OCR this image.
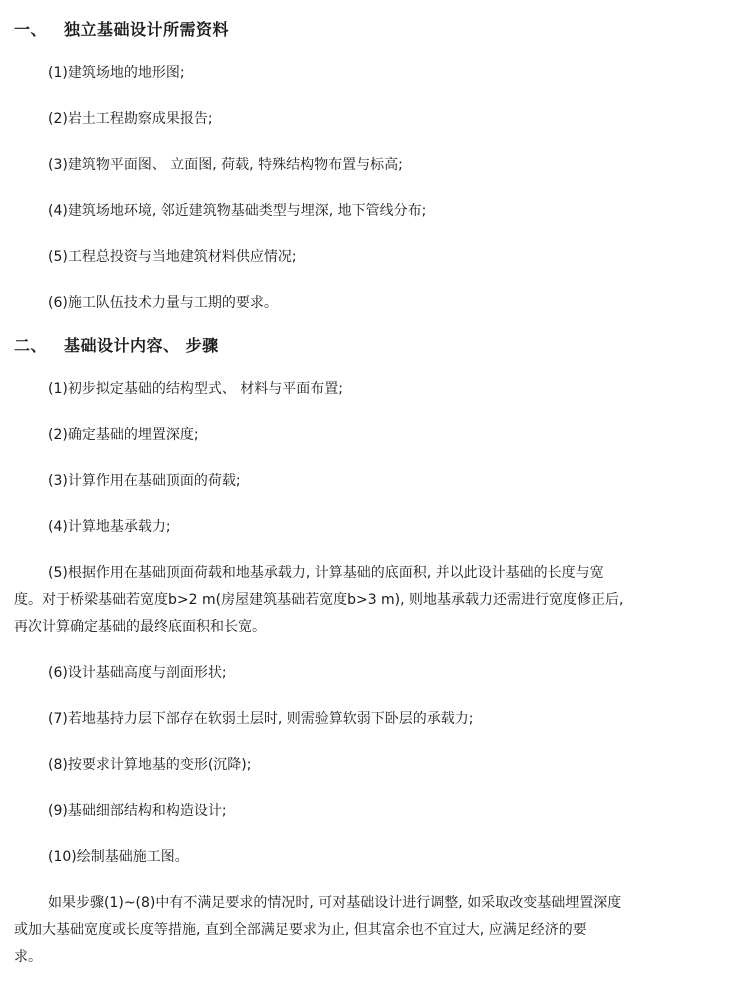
一、 独立基础设计所需资料
(1)建筑场地的地形图;
(2)岩土工程勘察成果报告;
(3)建筑物平面图、 立面图, 荷载, 特殊结构物布置与标高;
(4)建筑场地环境, 邻近建筑物基础类型与埋深, 地下管线分布;
(5)工程总投资与当地建筑材料供应情况;
(6)施工队伍技术力量与工期的要求。
二、 基础设计内容、 步骤
(1)初步拟定基础的结构型式、 材料与平面布置;
(2)确定基础的埋置深度;
(3)计算作用在基础顶面的荷载;
(4)计算地基承载力;
(5)根据作用在基础顶面荷载和地基承载力, 计算基础的底面积, 并以此设计基础的长度与宽
度。对于桥梁基础若宽度b>2 m(房屋建筑基础若宽度b>3 m), 则地基承载力还需进行宽度修正后,
再次计算确定基础的最终底面积和长宽。
(6)设计基础高度与剖面形状;
(7)若地基持力层下部存在软弱土层时, 则需验算软弱下卧层的承载力;
(8)按要求计算地基的变形(沉降);
(9)基础细部结构和构造设计;
(10)绘制基础施工图。
如果步骤(1)~(8)中有不满足要求的情况时, 可对基础设计进行调整, 如采取改变基础埋置深度
或加大基础宽度或长度等措施, 直到全部满足要求为止, 但其富余也不宜过大, 应满足经济的要
求。
